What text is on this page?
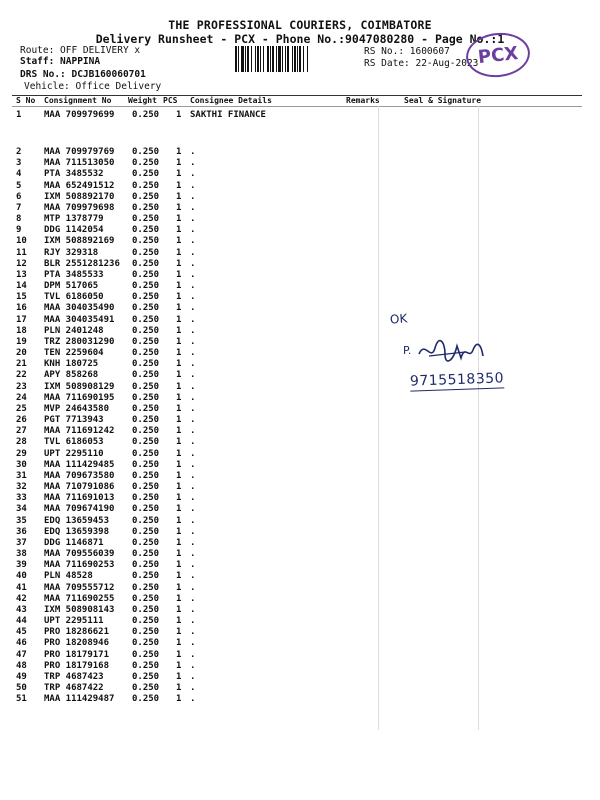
THE PROFESSIONAL COURIERS, COIMBATORE
Delivery Runsheet - PCX - Phone No.:9047080280 - Page No.:1
Route: OFF DELIVERY x
Staff: NAPPINA
DRS No.: DCJB160060701
Vehicle: Office Delivery
RS No.: 1600607
RS Date: 22-Aug-2023
PCX
S No Consignment No Weight PCS Consignee Details	Remarks	Seal & Signature
1	MAA 709979699 0.250 1 SAKTHI FINANCE
2	MAA 709979769 0.250 1 .
3	MAA 711513050 0.250 1 .
4	PTA 3485532	0.250 1 .
5	MAA 652491512 0.250 1 .
6	IXM 508892170 0.250 1 .
7	MAA 709979698 0.250 1 .
8	MTP 1378779	0.250 1 .
9	DDG 1142054	0.250 1 .
10 IXM 508892169 0.250 1 .
11 RJY 329318	0.250 1 .
12 BLR 2551281236 0.250 1 .
13 PTA 3485533	0.250 1 .
14 DPM 517065	0.250 1 .
15 TVL 6186050	0.250 1 .
16 MAA 304035490 0.250 1 .
17 MAA 304035491 0.250 1 .
18 PLN 2401248	0.250 1 .
19 TRZ 280031290 0.250 1 .
20 TEN 2259604	0.250 1 .
21 KNH 180725	0.250 1 .
22 APY 858268	0.250 1 .
23 IXM 508908129 0.250 1 .
24 MAA 711690195 0.250 1 .
25 MVP 24643580	0.250 1 .
26 PGT 7713943	0.250 1 .
27 MAA 711691242 0.250 1 .
28 TVL 6186053	0.250 1 .
29 UPT 2295110	0.250 1 .
30 MAA 111429485 0.250 1 .
31 MAA 709673580 0.250 1 .
32 MAA 710791086 0.250 1 .
33 MAA 711691013 0.250 1 .
34 MAA 709674190 0.250 1 .
35 EDQ 13659453	0.250 1 .
36 EDQ 13659398	0.250 1 .
37 DDG 1146871	0.250 1 .
38 MAA 709556039 0.250 1 .
39 MAA 711690253 0.250 1 .
40 PLN 48528	0.250 1 .
41 MAA 709555712 0.250 1 .
42 MAA 711690255 0.250 1 .
43 IXM 508908143 0.250 1 .
44 UPT 2295111	0.250 1 .
45 PRO 18286621	0.250 1 .
46 PRO 18208946	0.250 1 .
47 PRO 18179171	0.250 1 .
48 PRO 18179168	0.250 1 .
49 TRP 4687423	0.250 1 .
50 TRP 4687422	0.250 1 .
51 MAA 111429487 0.250 1 .
OK
P.
9715518350
